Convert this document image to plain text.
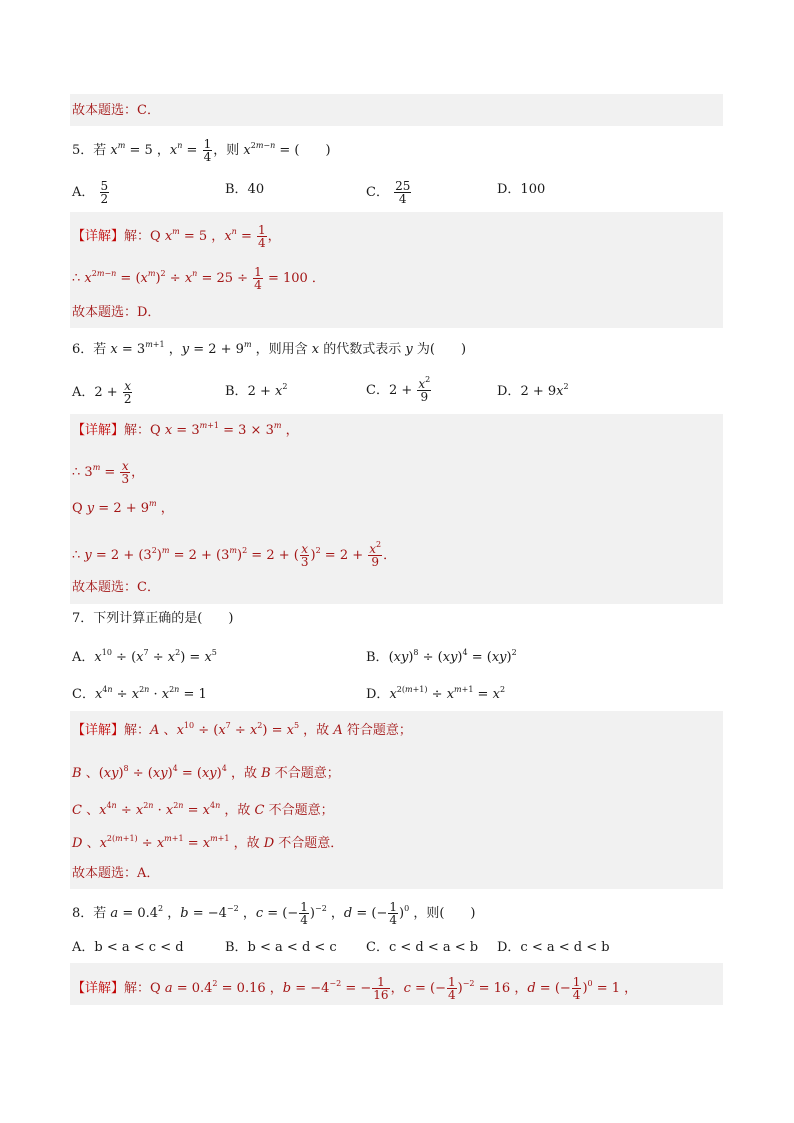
故本题选：C．
5．若 $x^m = 5$ ，$x^n = \frac{1}{4}$ ，则 $x^{2m-n}$ = (　　)
A． $\frac{5}{2}$	B．40	C． $\frac{25}{4}$	D．100
【详解】解：Q $x^m = 5$ ，$x^n = \frac{1}{4}$ ，
∴ $x^{2m-n} = (x^m)^2 \div x^n = 25 \div \frac{1}{4} = 100$ ．
故本题选：D．
6．若 $x = 3^{m+1}$ ，$y = 2 + 9^m$ ，则用含 x 的代数式表示 y 为(　　)
A．$2 + \frac{x}{2}$	B．$2 + x^2$	C．$2 + \frac{x^2}{9}$	D．$2 + 9x^2$
【详解】解：Q $x = 3^{m+1} = 3 \times 3^m$ ，
∴ $3^m = \frac{x}{3}$ ，
Q $y = 2 + 9^m$ ，
∴ $y = 2 + (3^2)^m = 2 + (3^m)^2 = 2$ + ( $\frac{x}{3} )^2 = 2 + \frac{x^2}{9}$ ．
故本题选：C．
7．下列计算正确的是(　　)
A．$x^{10} \div (x^7 \div x^2) = x^5$	B．(xy)$^8$ ÷ (xy)$^4$ = (xy)$^2$
C．$x^{4n} \div x^{2n} \cdot x^{2n} = 1$	D．$x^{2(m+1)} \div x^{m+1} = x^2$
【详解】解：A 、$x^{10} \div (x^7 \div x^2) = x^5$ ，故 A 符合题意；
B 、(xy)$^8$ ÷ (xy)$^4$ = (xy)$^4$ ，故 B 不合题意；
C 、$x^{4n} \div x^{2n} \cdot x^{2n} = x^{4n}$ ，故 C 不合题意；
D 、$x^{2(m+1)} \div x^{m+1} = x^{m+1}$ ，故 D 不合题意．
故本题选：A．
8．若 $a = 0.4^2$ ，$b = -4^{-2}$ ，c = (− $\frac{1}{4} )^{-2}$ ，d = (− $\frac{1}{4} )^0$ ，则(　　)
A．b < a < c < d	B．b < a < d < c C．c < d < a < b D．c < a < d < b
【详解】解：Q $a = 0.4^2 = 0.16$ ，$b = -4^{-2}$ = − $\frac{1}{16}$ ，c = (− $\frac{1}{4} )^{-2} = 16$ ，d = (− $\frac{1}{4} )^0 = 1$ ，
